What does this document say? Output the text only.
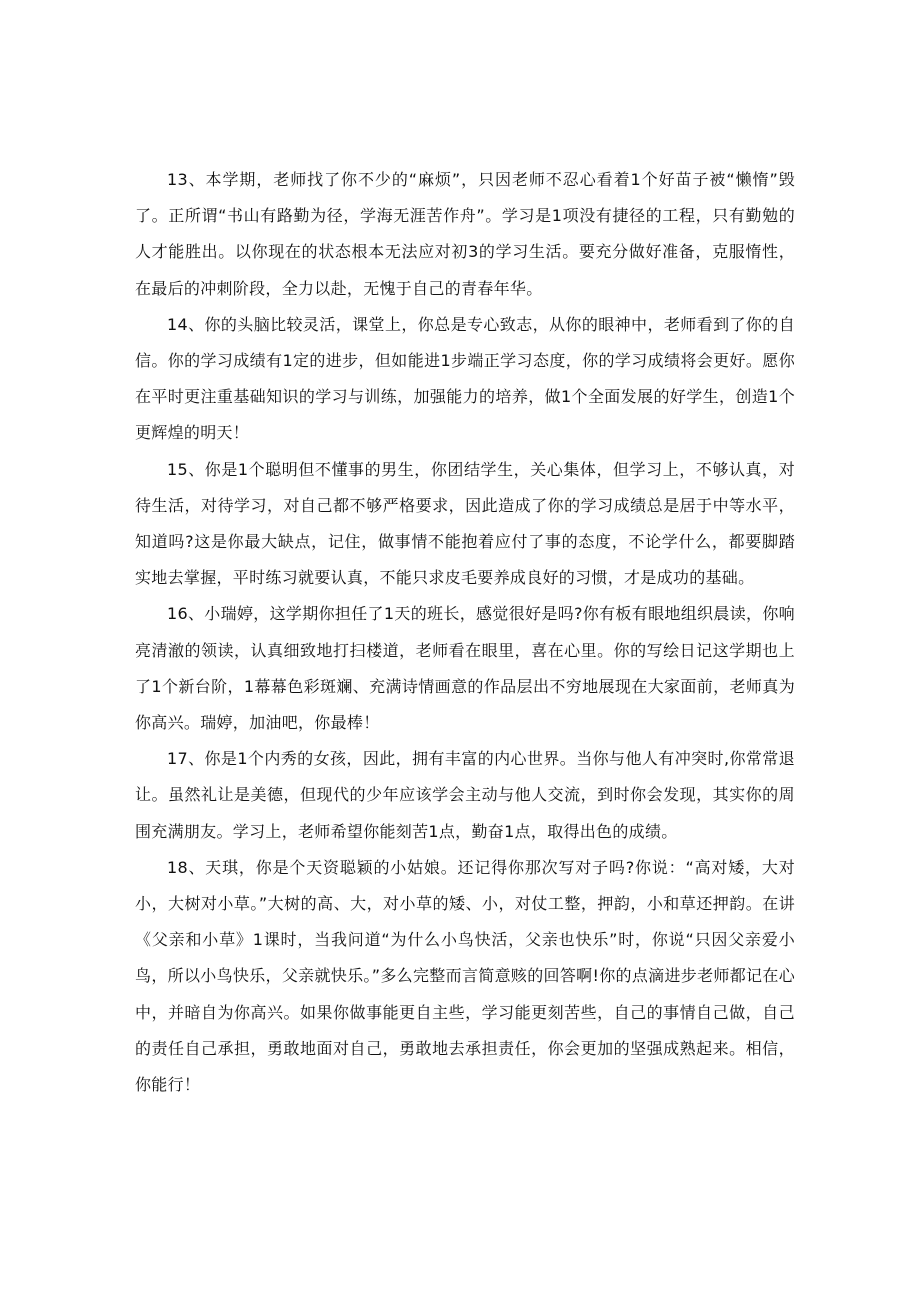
13、本学期，老师找了你不少的“麻烦”，只因老师不忍心看着1个好苗子被“懒惰”毁了。正所谓“书山有路勤为径，学海无涯苦作舟”。学习是1项没有捷径的工程，只有勤勉的人才能胜出。以你现在的状态根本无法应对初3的学习生活。要充分做好准备，克服惰性，在最后的冲刺阶段，全力以赴，无愧于自己的青春年华。

14、你的头脑比较灵活，课堂上，你总是专心致志，从你的眼神中，老师看到了你的自信。你的学习成绩有1定的进步，但如能进1步端正学习态度，你的学习成绩将会更好。愿你在平时更注重基础知识的学习与训练，加强能力的培养，做1个全面发展的好学生，创造1个更辉煌的明天！

15、你是1个聪明但不懂事的男生，你团结学生，关心集体，但学习上，不够认真，对待生活，对待学习，对自己都不够严格要求，因此造成了你的学习成绩总是居于中等水平，知道吗?这是你最大缺点，记住，做事情不能抱着应付了事的态度，不论学什么，都要脚踏实地去掌握，平时练习就要认真，不能只求皮毛要养成良好的习惯，才是成功的基础。

16、小瑞婷，这学期你担任了1天的班长，感觉很好是吗?你有板有眼地组织晨读，你响亮清澈的领读，认真细致地打扫楼道，老师看在眼里，喜在心里。你的写绘日记这学期也上了1个新台阶，1幕幕色彩斑斓、充满诗情画意的作品层出不穷地展现在大家面前，老师真为你高兴。瑞婷，加油吧，你最棒！

17、你是1个内秀的女孩，因此，拥有丰富的内心世界。当你与他人有冲突时,你常常退让。虽然礼让是美德，但现代的少年应该学会主动与他人交流，到时你会发现，其实你的周围充满朋友。学习上，老师希望你能刻苦1点，勤奋1点，取得出色的成绩。

18、天琪，你是个天资聪颖的小姑娘。还记得你那次写对子吗?你说：“高对矮，大对小，大树对小草。”大树的高、大，对小草的矮、小，对仗工整，押韵，小和草还押韵。在讲《父亲和小草》1课时，当我问道“为什么小鸟快活，父亲也快乐”时，你说“只因父亲爱小鸟，所以小鸟快乐，父亲就快乐。”多么完整而言简意赅的回答啊!你的点滴进步老师都记在心中，并暗自为你高兴。如果你做事能更自主些，学习能更刻苦些，自己的事情自己做，自己的责任自己承担，勇敢地面对自己，勇敢地去承担责任，你会更加的坚强成熟起来。相信，你能行！
